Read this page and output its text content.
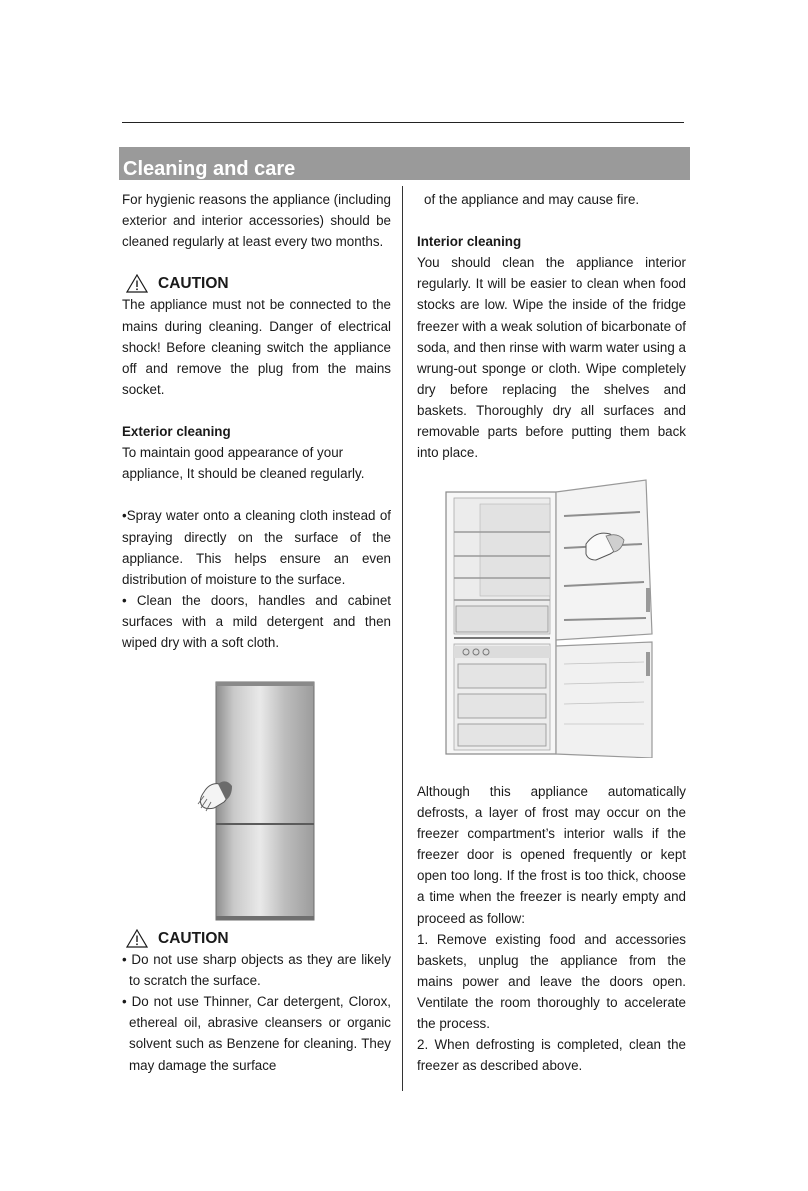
Cleaning and care

For hygienic reasons the appliance (including exterior and interior accessories) should be cleaned regularly at least every two months.

CAUTION

The appliance must not be connected to the mains during cleaning. Danger of electrical shock! Before cleaning switch the appliance off and remove the plug from the mains socket.

Exterior cleaning

To maintain good appearance of your appliance, It should be cleaned regularly.

•Spray water onto a cleaning cloth instead of spraying directly on the surface of the appliance. This helps ensure an even distribution of moisture to the surface.

• Clean the doors, handles and cabinet surfaces with a mild detergent and then wiped dry with a soft cloth.

CAUTION

• Do not use sharp objects as they are likely to scratch the surface.

• Do not use Thinner, Car detergent, Clorox, ethereal oil, abrasive cleansers or organic solvent such as Benzene for cleaning. They may damage the surface

of the appliance and may cause fire.

Interior cleaning

You should clean the appliance interior regularly. It will be easier to clean when food stocks are low. Wipe the inside of the fridge freezer with a weak solution of bicarbonate of soda, and then rinse with warm water using a wrung-out sponge or cloth. Wipe completely dry before replacing the shelves and baskets. Thoroughly dry all surfaces and removable parts before putting them back into place.

Although this appliance automatically defrosts, a layer of frost may occur on the freezer compartment’s interior walls if the freezer door is opened frequently or kept open too long. If the frost is too thick, choose a time when the freezer is nearly empty and proceed as follow:

1. Remove existing food and accessories baskets, unplug the appliance from the mains power and leave the doors open. Ventilate the room thoroughly to accelerate the process.

2. When defrosting is completed, clean the freezer as described above.
